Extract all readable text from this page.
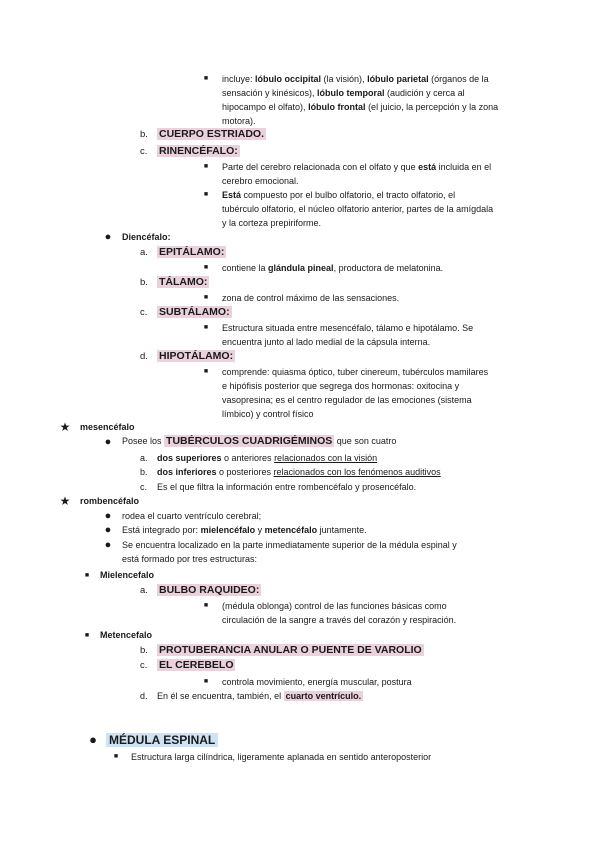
■	incluye: lóbulo occipital (la visión), lóbulo parietal (órganos de la
sensación y kinésicos), lóbulo temporal (audición y cerca al
hipocampo el olfato), lóbulo frontal (el juicio, la percepción y la zona
motora).
b. CUERPO ESTRIADO.
c. RINENCÉFALO:
■	Parte del cerebro relacionada con el olfato y que está incluida en el
cerebro emocional.
■	Está compuesto por el bulbo olfatorio, el tracto olfatorio, el
tubérculo olfatorio, el núcleo olfatorio anterior, partes de la amígdala
y la corteza prepiriforme.
●	Diencéfalo:
a. EPITÁLAMO:
■	contiene la glándula pineal, productora de melatonina.
b. TÁLAMO:
■	zona de control máximo de las sensaciones.
c. SUBTÁLAMO:
■	Estructura situada entre mesencéfalo, tálamo e hipotálamo. Se
encuentra junto al lado medial de la cápsula interna.
d. HIPOTÁLAMO:
■	comprende: quiasma óptico, tuber cinereum, tubérculos mamilares
e hipófisis posterior que segrega dos hormonas: oxitocina y
vasopresina; es el centro regulador de las emociones (sistema
límbico) y control físico
★ mesencéfalo
●	Posee los TUBÉRCULOS CUADRIGÉMINOS que son cuatro
a. dos superiores o anteriores relacionados con la visión
b. dos inferiores o posteriores relacionados con los fenómenos auditivos
c. Es el que filtra la información entre rombencéfalo y prosencéfalo.
★ rombencéfalo
●	rodea el cuarto ventrículo cerebral;
●	Está integrado por: mielencéfalo y metencéfalo juntamente.
●	Se encuentra localizado en la parte inmediatamente superior de la médula espinal y
está formado por tres estructuras:
■	Mielencefalo
a. BULBO RAQUIDEO:
■	(médula oblonga) control de las funciones básicas como
circulación de la sangre a través del corazón y respiración.
■	Metencefalo
b. PROTUBERANCIA ANULAR O PUENTE DE VAROLIO
c. EL CEREBELO
■	controla movimiento, energía muscular, postura
d. En él se encuentra, también, el cuarto ventrículo.
● MÉDULA ESPINAL
■	Estructura larga cilíndrica, ligeramente aplanada en sentido anteroposterior
